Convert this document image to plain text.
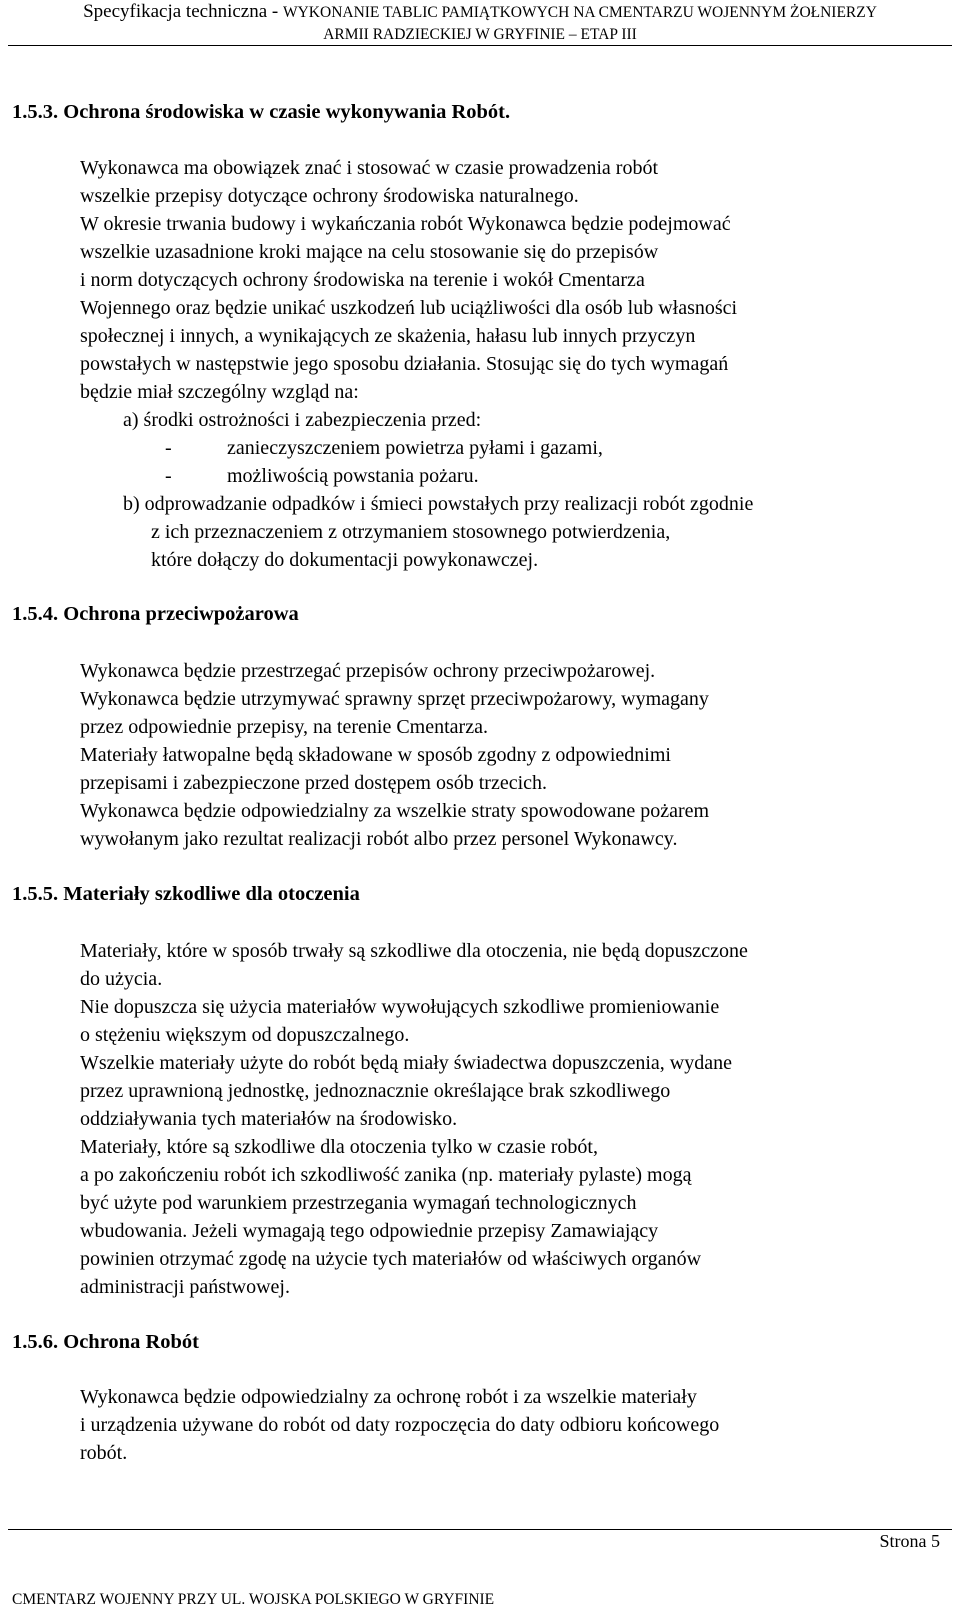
Specyfikacja techniczna - WYKONANIE TABLIC PAMIĄTKOWYCH NA CMENTARZU WOJENNYM ŻOŁNIERZY
ARMII RADZIECKIEJ W GRYFINIE – ETAP III
1.5.3. Ochrona środowiska w czasie wykonywania Robót.
Wykonawca ma obowiązek znać i stosować w czasie prowadzenia robót
wszelkie przepisy dotyczące ochrony środowiska naturalnego.
W okresie trwania budowy i wykańczania robót Wykonawca będzie podejmować
wszelkie uzasadnione kroki mające na celu stosowanie się do przepisów
i norm dotyczących ochrony środowiska na terenie i wokół Cmentarza
Wojennego oraz będzie unikać uszkodzeń lub uciążliwości dla osób lub własności
społecznej i innych, a wynikających ze skażenia, hałasu lub innych przyczyn
powstałych w następstwie jego sposobu działania. Stosując się do tych wymagań
będzie miał szczególny wzgląd na:
a) środki ostrożności i zabezpieczenia przed:
-	zanieczyszczeniem powietrza pyłami i gazami,
-	możliwością powstania pożaru.
b) odprowadzanie odpadków i śmieci powstałych przy realizacji robót zgodnie
z ich przeznaczeniem z otrzymaniem stosownego potwierdzenia,
które dołączy do dokumentacji powykonawczej.
1.5.4. Ochrona przeciwpożarowa
Wykonawca będzie przestrzegać przepisów ochrony przeciwpożarowej.
Wykonawca będzie utrzymywać sprawny sprzęt przeciwpożarowy, wymagany
przez odpowiednie przepisy, na terenie Cmentarza.
Materiały łatwopalne będą składowane w sposób zgodny z odpowiednimi
przepisami i zabezpieczone przed dostępem osób trzecich.
Wykonawca będzie odpowiedzialny za wszelkie straty spowodowane pożarem
wywołanym jako rezultat realizacji robót albo przez personel Wykonawcy.
1.5.5. Materiały szkodliwe dla otoczenia
Materiały, które w sposób trwały są szkodliwe dla otoczenia, nie będą dopuszczone
do użycia.
Nie dopuszcza się użycia materiałów wywołujących szkodliwe promieniowanie
o stężeniu większym od dopuszczalnego.
Wszelkie materiały użyte do robót będą miały świadectwa dopuszczenia, wydane
przez uprawnioną jednostkę, jednoznacznie określające brak szkodliwego
oddziaływania tych materiałów na środowisko.
Materiały, które są szkodliwe dla otoczenia tylko w czasie robót,
a po zakończeniu robót ich szkodliwość zanika (np. materiały pylaste) mogą
być użyte pod warunkiem przestrzegania wymagań technologicznych
wbudowania. Jeżeli wymagają tego odpowiednie przepisy Zamawiający
powinien otrzymać zgodę na użycie tych materiałów od właściwych organów
administracji państwowej.
1.5.6. Ochrona Robót
Wykonawca będzie odpowiedzialny za ochronę robót i za wszelkie materiały
i urządzenia używane do robót od daty rozpoczęcia do daty odbioru końcowego
robót.
Strona 5
CMENTARZ WOJENNY PRZY UL. WOJSKA POLSKIEGO W GRYFINIE
